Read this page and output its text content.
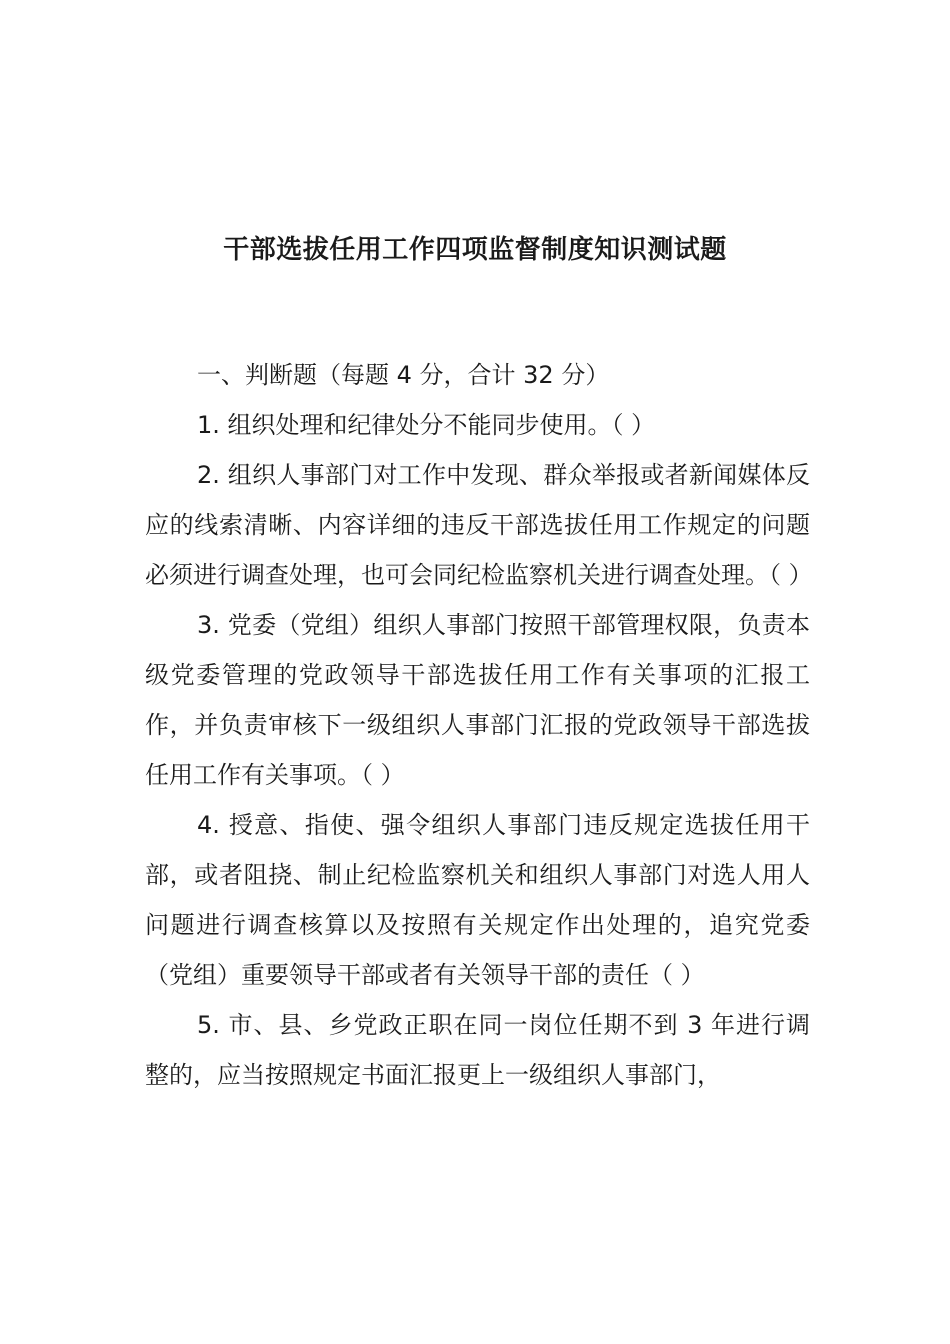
干部选拔任用工作四项监督制度知识测试题

一、判断题（每题 4 分，合计 32 分）

1. 组织处理和纪律处分不能同步使用。（ ）

2. 组织人事部门对工作中发现、群众举报或者新闻媒体反应的线索清晰、内容详细的违反干部选拔任用工作规定的问题必须进行调查处理，也可会同纪检监察机关进行调查处理。（ ）

3. 党委（党组）组织人事部门按照干部管理权限，负责本级党委管理的党政领导干部选拔任用工作有关事项的汇报工作，并负责审核下一级组织人事部门汇报的党政领导干部选拔任用工作有关事项。（ ）

4. 授意、指使、强令组织人事部门违反规定选拔任用干部，或者阻挠、制止纪检监察机关和组织人事部门对选人用人问题进行调查核算以及按照有关规定作出处理的，追究党委（党组）重要领导干部或者有关领导干部的责任（ ）

5. 市、县、乡党政正职在同一岗位任期不到 3 年进行调整的，应当按照规定书面汇报更上一级组织人事部门，
